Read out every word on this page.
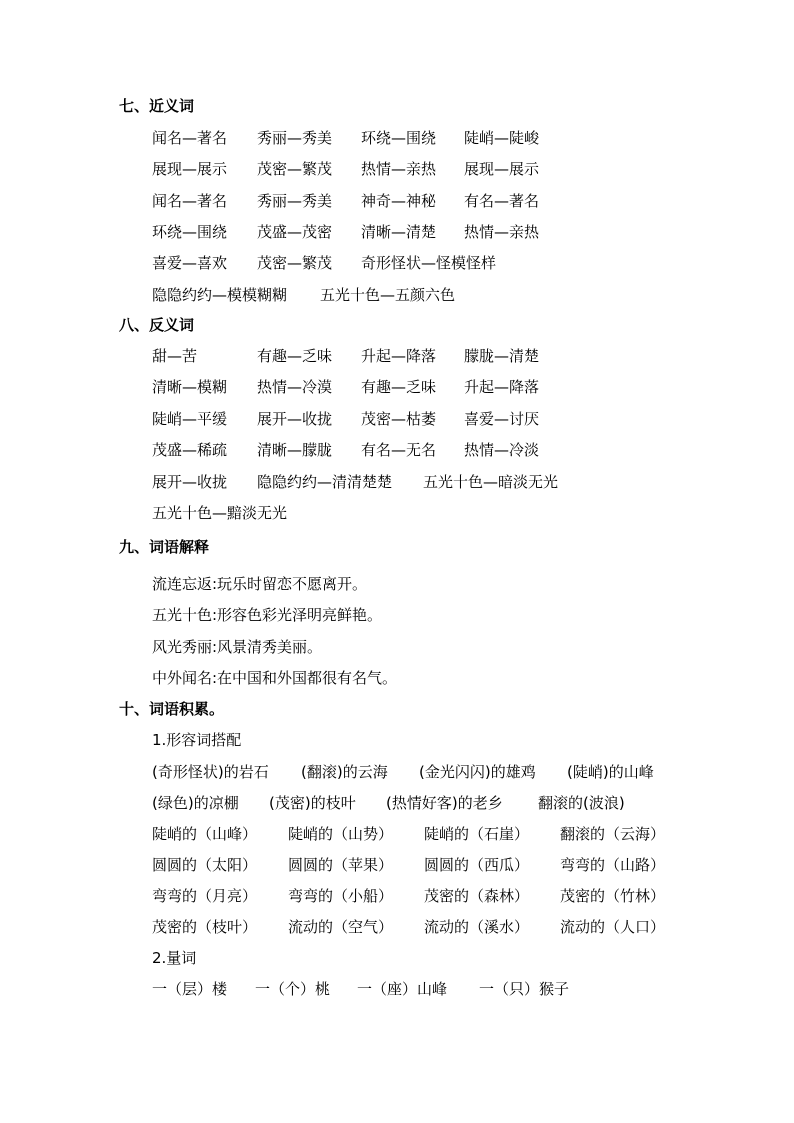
七、近义词
闻名—著名 秀丽—秀美 环绕—围绕 陡峭—陡峻
展现—展示 茂密—繁茂 热情—亲热 展现—展示
闻名—著名 秀丽—秀美 神奇—神秘 有名—著名
环绕—围绕 茂盛—茂密 清晰—清楚 热情—亲热
喜爱—喜欢 茂密—繁茂 奇形怪状—怪模怪样
隐隐约约—模模糊糊 五光十色—五颜六色
八、反义词
甜—苦	有趣—乏味 升起—降落 朦胧—清楚
清晰—模糊 热情—冷漠 有趣—乏味 升起—降落
陡峭—平缓 展开—收拢 茂密—枯萎 喜爱—讨厌
茂盛—稀疏 清晰—朦胧 有名—无名 热情—冷淡
展开—收拢 隐隐约约—清清楚楚 五光十色—暗淡无光
五光十色—黯淡无光
九、词语解释
流连忘返:玩乐时留恋不愿离开。
五光十色:形容色彩光泽明亮鲜艳。
风光秀丽:风景清秀美丽。
中外闻名:在中国和外国都很有名气。
十、词语积累。
1.形容词搭配
(奇形怪状)的岩石 (翻滚)的云海 (金光闪闪)的雄鸡 (陡峭)的山峰
(绿色)的凉棚 (茂密)的枝叶 (热情好客)的老乡 翻滚的(波浪)
陡峭的（山峰） 陡峭的（山势） 陡峭的（石崖） 翻滚的（云海）
圆圆的（太阳） 圆圆的（苹果） 圆圆的（西瓜） 弯弯的（山路）
弯弯的（月亮） 弯弯的（小船） 茂密的（森林） 茂密的（竹林）
茂密的（枝叶） 流动的（空气） 流动的（溪水） 流动的（人口）
2.量词
一（层）楼 一（个）桃 一（座）山峰 一（只）猴子
